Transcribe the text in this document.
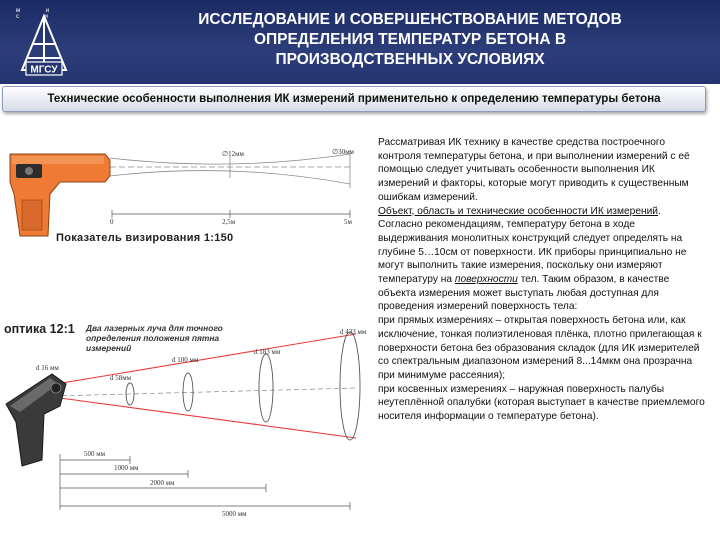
м и с и
МГСУ
ИССЛЕДОВАНИЕ И СОВЕРШЕНСТВОВАНИЕ МЕТОДОВ
ОПРЕДЕЛЕНИЯ ТЕМПЕРАТУР БЕТОНА В
ПРОИЗВОДСТВЕННЫХ УСЛОВИЯХ
Технические особенности выполнения ИК измерений применительно к определению температуры бетона
∅12мм	∅30мм
0	2,5м	5м
Показатель визирования 1:150
оптика 12:1 Два лазерных луча для точного определения положения пятна измерений
d 16 мм
d 58мм
d 100 мм
d 183 мм
d 433 мм
500 мм
1000 мм
2000 мм
5000 мм

Рассматривая ИК технику в качестве средства построечного контроля температуры бетона, и при выполнении измерений с её помощью следует учитывать особенности выполнения ИК измерений и факторы, которые могут приводить к существенным ошибкам измерений.

Объект, область и технические особенности ИК измерений.

Согласно рекомендациям, температуру бетона в ходе выдерживания монолитных конструкций следует определять на глубине 5…10см от поверхности. ИК приборы принципиально не могут выполнить такие измерения, поскольку они измеряют температуру на поверхности тел. Таким образом, в качестве объекта измерения может выступать любая доступная для проведения измерений поверхность тела:

при прямых измерениях – открытая поверхность бетона или, как исключение, тонкая полиэтиленовая плёнка, плотно прилегающая к поверхности бетона без образования складок (для ИК измерителей со спектральным диапазоном измерений 8...14мкм она прозрачна при минимуме рассеяния);

при косвенных измерениях – наружная поверхность палубы неутеплённой опалубки (которая выступает в качестве приемлемого носителя информации о температуре бетона).
